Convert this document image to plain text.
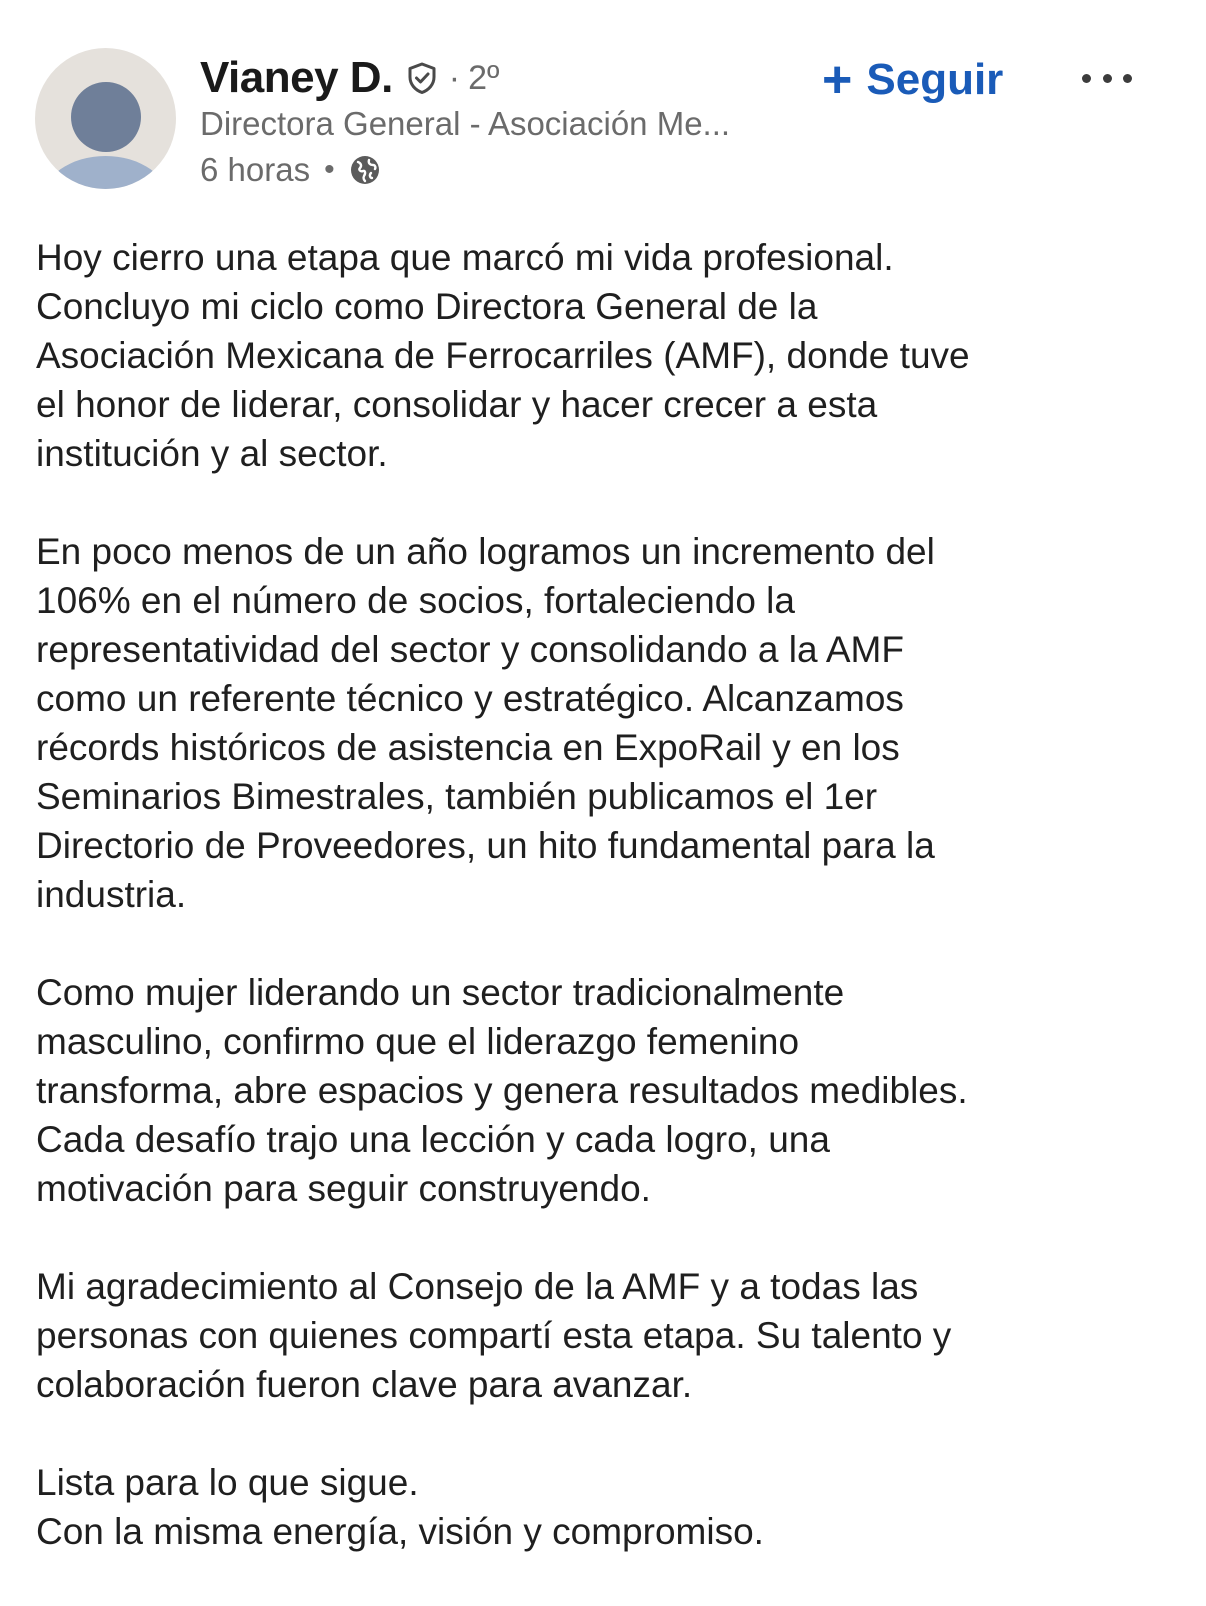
Vianey D. · 2º
Directora General - Asociación Me...
6 horas •
+ Seguir

Hoy cierro una etapa que marcó mi vida profesional.
Concluyo mi ciclo como Directora General de la
Asociación Mexicana de Ferrocarriles (AMF), donde tuve
el honor de liderar, consolidar y hacer crecer a esta
institución y al sector.

En poco menos de un año logramos un incremento del
106% en el número de socios, fortaleciendo la
representatividad del sector y consolidando a la AMF
como un referente técnico y estratégico. Alcanzamos
récords históricos de asistencia en ExpoRail y en los
Seminarios Bimestrales, también publicamos el 1er
Directorio de Proveedores, un hito fundamental para la
industria.

Como mujer liderando un sector tradicionalmente
masculino, confirmo que el liderazgo femenino
transforma, abre espacios y genera resultados medibles.
Cada desafío trajo una lección y cada logro, una
motivación para seguir construyendo.

Mi agradecimiento al Consejo de la AMF y a todas las
personas con quienes compartí esta etapa. Su talento y
colaboración fueron clave para avanzar.

Lista para lo que sigue.
Con la misma energía, visión y compromiso.
